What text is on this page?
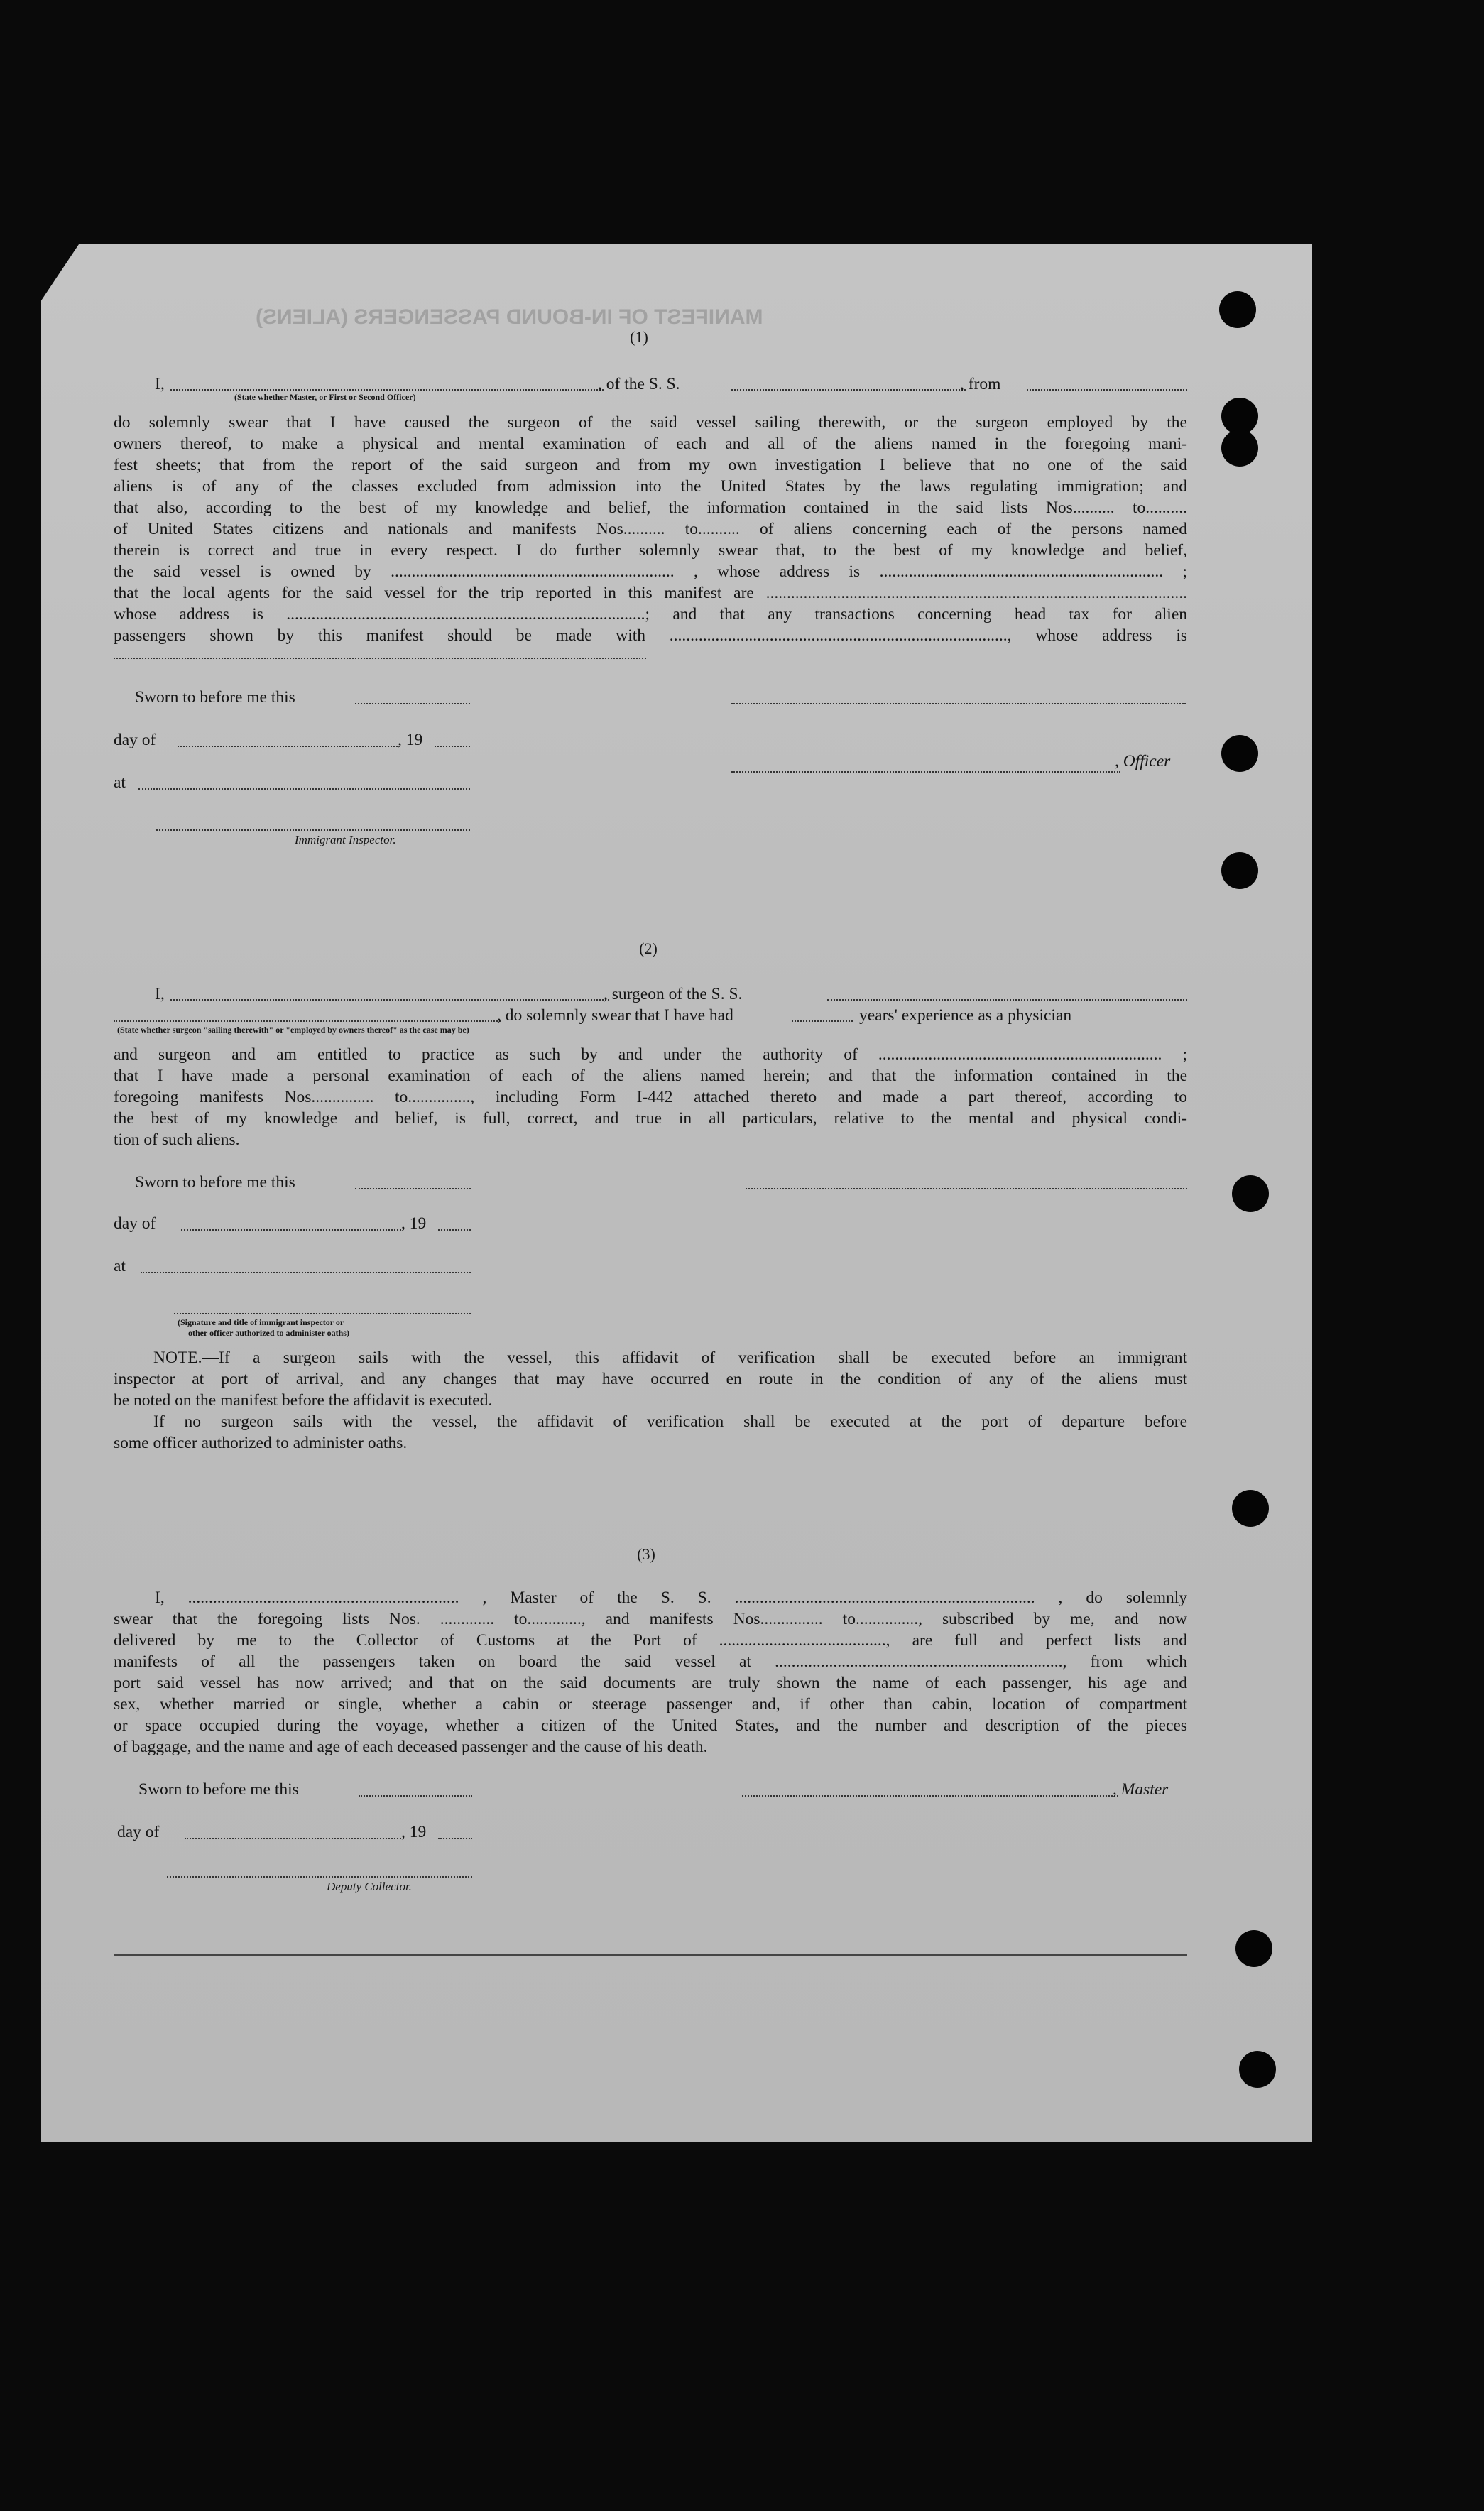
MANIFEST OF IN-BOUND PASSENGERS (ALIENS)
(1)
I,	, of the S. S.	, from
(State whether Master, or First or Second Officer)
do solemnly swear that I have caused the surgeon of the said vessel sailing therewith, or the surgeon employed by the
owners thereof, to make a physical and mental examination of each and all of the aliens named in the foregoing mani-
fest sheets; that from the report of the said surgeon and from my own investigation I believe that no one of the said
aliens is of any of the classes excluded from admission into the United States by the laws regulating immigration; and
that also, according to the best of my knowledge and belief, the information contained in the said lists Nos.......... to..........
of United States citizens and nationals and manifests Nos.......... to.......... of aliens concerning each of the persons named
therein is correct and true in every respect. I do further solemnly swear that, to the best of my knowledge and belief,
the said vessel is owned by .................................................................... , whose address is .................................................................... ;
that the local agents for the said vessel for the trip reported in this manifest are .....................................................................................................
whose address is ......................................................................................; and that any transactions concerning head tax for alien
passengers shown by this manifest should be made with ................................................................................., whose address is
Sworn to before me this
day of	, 19
, Officer
at
Immigrant Inspector.
(2)
I,	, surgeon of the S. S.
, do solemnly swear that I have had	years' experience as a physician
(State whether surgeon "sailing therewith" or "employed by owners thereof" as the case may be)
and surgeon and am entitled to practice as such by and under the authority of .................................................................... ;
that I have made a personal examination of each of the aliens named herein; and that the information contained in the
foregoing manifests Nos............... to..............., including Form I-442 attached thereto and made a part thereof, according to
the best of my knowledge and belief, is full, correct, and true in all particulars, relative to the mental and physical condi-
tion of such aliens.
Sworn to before me this
day of	, 19
at
(Signature and title of immigrant inspector or
other officer authorized to administer oaths)
NOTE.—If a surgeon sails with the vessel, this affidavit of verification shall be executed before an immigrant
inspector at port of arrival, and any changes that may have occurred en route in the condition of any of the aliens must
be noted on the manifest before the affidavit is executed.
If no surgeon sails with the vessel, the affidavit of verification shall be executed at the port of departure before
some officer authorized to administer oaths.
(3)
I, ................................................................. , Master of the S. S. ........................................................................ , do solemnly
swear that the foregoing lists Nos. ............. to............., and manifests Nos............... to..............., subscribed by me, and now
delivered by me to the Collector of Customs at the Port of ........................................, are full and perfect lists and
manifests of all the passengers taken on board the said vessel at ....................................................................., from which
port said vessel has now arrived; and that on the said documents are truly shown the name of each passenger, his age and
sex, whether married or single, whether a cabin or steerage passenger and, if other than cabin, location of compartment
or space occupied during the voyage, whether a citizen of the United States, and the number and description of the pieces
of baggage, and the name and age of each deceased passenger and the cause of his death.
Sworn to before me this	, Master
day of	, 19
Deputy Collector.
